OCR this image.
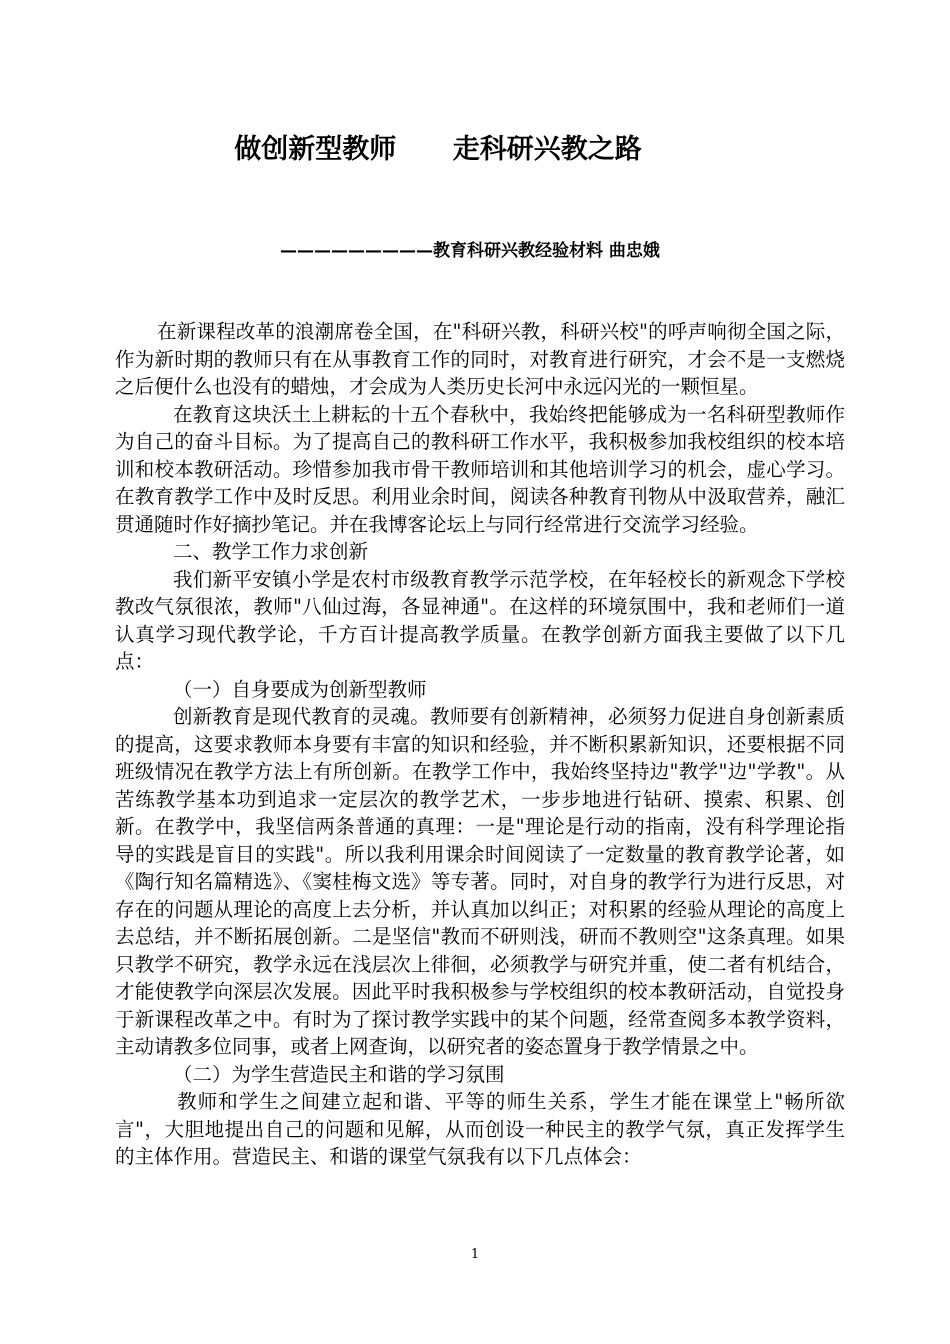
做创新型教师      走科研兴教之路
—————————教育科研兴教经验材料 曲忠娥

在新课程改革的浪潮席卷全国，在"科研兴教，科研兴校"的呼声响彻全国之际，作为新时期的教师只有在从事教育工作的同时，对教育进行研究，才会不是一支燃烧之后便什么也没有的蜡烛，才会成为人类历史长河中永远闪光的一颗恒星。

在教育这块沃土上耕耘的十五个春秋中，我始终把能够成为一名科研型教师作为自己的奋斗目标。为了提高自己的教科研工作水平，我积极参加我校组织的校本培训和校本教研活动。珍惜参加我市骨干教师培训和其他培训学习的机会，虚心学习。在教育教学工作中及时反思。利用业余时间，阅读各种教育刊物从中汲取营养，融汇贯通随时作好摘抄笔记。并在我博客论坛上与同行经常进行交流学习经验。

二、教学工作力求创新

我们新平安镇小学是农村市级教育教学示范学校，在年轻校长的新观念下学校教改气氛很浓，教师"八仙过海，各显神通"。在这样的环境氛围中，我和老师们一道认真学习现代教学论，千方百计提高教学质量。在教学创新方面我主要做了以下几点：

（一）自身要成为创新型教师

创新教育是现代教育的灵魂。教师要有创新精神，必须努力促进自身创新素质的提高，这要求教师本身要有丰富的知识和经验，并不断积累新知识，还要根据不同班级情况在教学方法上有所创新。在教学工作中，我始终坚持边"教学"边"学教"。从苦练教学基本功到追求一定层次的教学艺术，一步步地进行钻研、摸索、积累、创新。在教学中，我坚信两条普通的真理：一是"理论是行动的指南，没有科学理论指导的实践是盲目的实践"。所以我利用课余时间阅读了一定数量的教育教学论著，如《陶行知名篇精选》、《窦桂梅文选》等专著。同时，对自身的教学行为进行反思，对存在的问题从理论的高度上去分析，并认真加以纠正；对积累的经验从理论的高度上去总结，并不断拓展创新。二是坚信"教而不研则浅，研而不教则空"这条真理。如果只教学不研究，教学永远在浅层次上徘徊，必须教学与研究并重，使二者有机结合，才能使教学向深层次发展。因此平时我积极参与学校组织的校本教研活动，自觉投身于新课程改革之中。有时为了探讨教学实践中的某个问题，经常查阅多本教学资料，主动请教多位同事，或者上网查询，以研究者的姿态置身于教学情景之中。

（二）为学生营造民主和谐的学习氛围

教师和学生之间建立起和谐、平等的师生关系，学生才能在课堂上"畅所欲言"，大胆地提出自己的问题和见解，从而创设一种民主的教学气氛，真正发挥学生的主体作用。营造民主、和谐的课堂气氛我有以下几点体会：

1
